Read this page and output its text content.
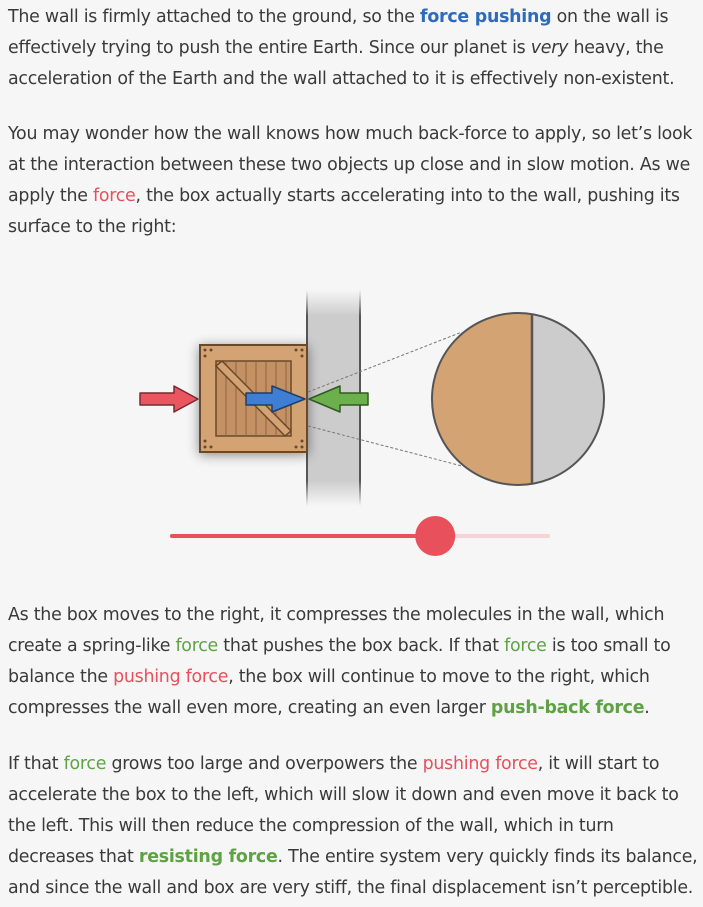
The wall is firmly attached to the ground, so the force pushing on the wall is
effectively trying to push the entire Earth. Since our planet is very heavy, the
acceleration of the Earth and the wall attached to it is effectively non-existent.

You may wonder how the wall knows how much back-force to apply, so let’s look
at the interaction between these two objects up close and in slow motion. As we
apply the force, the box actually starts accelerating into to the wall, pushing its
surface to the right:

As the box moves to the right, it compresses the molecules in the wall, which
create a spring-like force that pushes the box back. If that force is too small to
balance the pushing force, the box will continue to move to the right, which
compresses the wall even more, creating an even larger push-back force.

If that force grows too large and overpowers the pushing force, it will start to
accelerate the box to the left, which will slow it down and even move it back to
the left. This will then reduce the compression of the wall, which in turn
decreases that resisting force. The entire system very quickly finds its balance,
and since the wall and box are very stiff, the final displacement isn’t perceptible.
